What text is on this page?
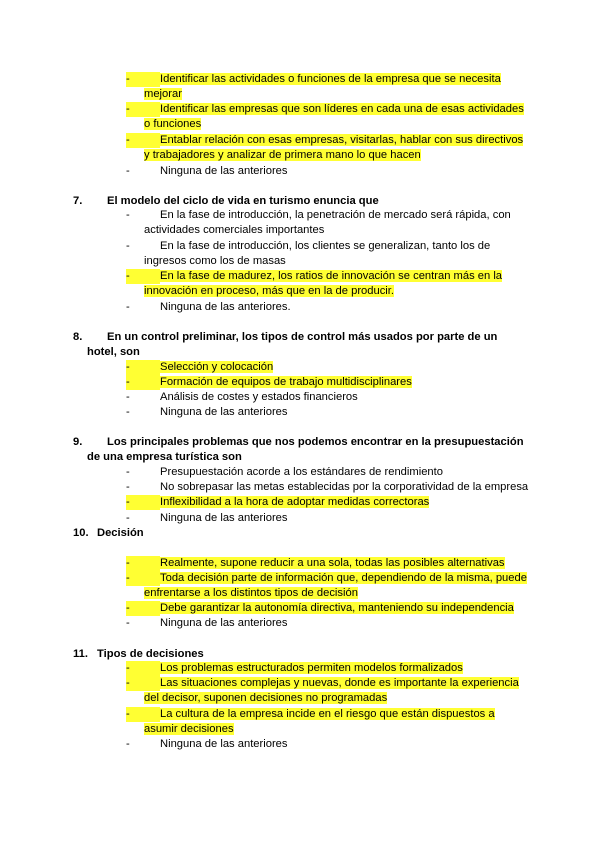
-	Identificar las actividades o funciones de la empresa que se necesita
mejorar
-	Identificar las empresas que son líderes en cada una de esas actividades
o funciones
-	Entablar relación con esas empresas, visitarlas, hablar con sus directivos
y trabajadores y analizar de primera mano lo que hacen
-	Ninguna de las anteriores
7. El modelo del ciclo de vida en turismo enuncia que
-	En la fase de introducción, la penetración de mercado será rápida, con
actividades comerciales importantes
-	En la fase de introducción, los clientes se generalizan, tanto los de
ingresos como los de masas
-	En la fase de madurez, los ratios de innovación se centran más en la
innovación en proceso, más que en la de producir.
-	Ninguna de las anteriores.
8. En un control preliminar, los tipos de control más usados por parte de un
hotel, son
-	Selección y colocación
-	Formación de equipos de trabajo multidisciplinares
-	Análisis de costes y estados financieros
-	Ninguna de las anteriores
9. Los principales problemas que nos podemos encontrar en la presupuestación
de una empresa turística son
-	Presupuestación acorde a los estándares de rendimiento
-	No sobrepasar las metas establecidas por la corporatividad de la empresa
-	Inflexibilidad a la hora de adoptar medidas correctoras
-	Ninguna de las anteriores
10. Decisión
-	Realmente, supone reducir a una sola, todas las posibles alternativas
-	Toda decisión parte de información que, dependiendo de la misma, puede
enfrentarse a los distintos tipos de decisión
-	Debe garantizar la autonomía directiva, manteniendo su independencia
-	Ninguna de las anteriores
11. Tipos de decisiones
-	Los problemas estructurados permiten modelos formalizados
-	Las situaciones complejas y nuevas, donde es importante la experiencia
del decisor, suponen decisiones no programadas
-	La cultura de la empresa incide en el riesgo que están dispuestos a
asumir decisiones
-	Ninguna de las anteriores
